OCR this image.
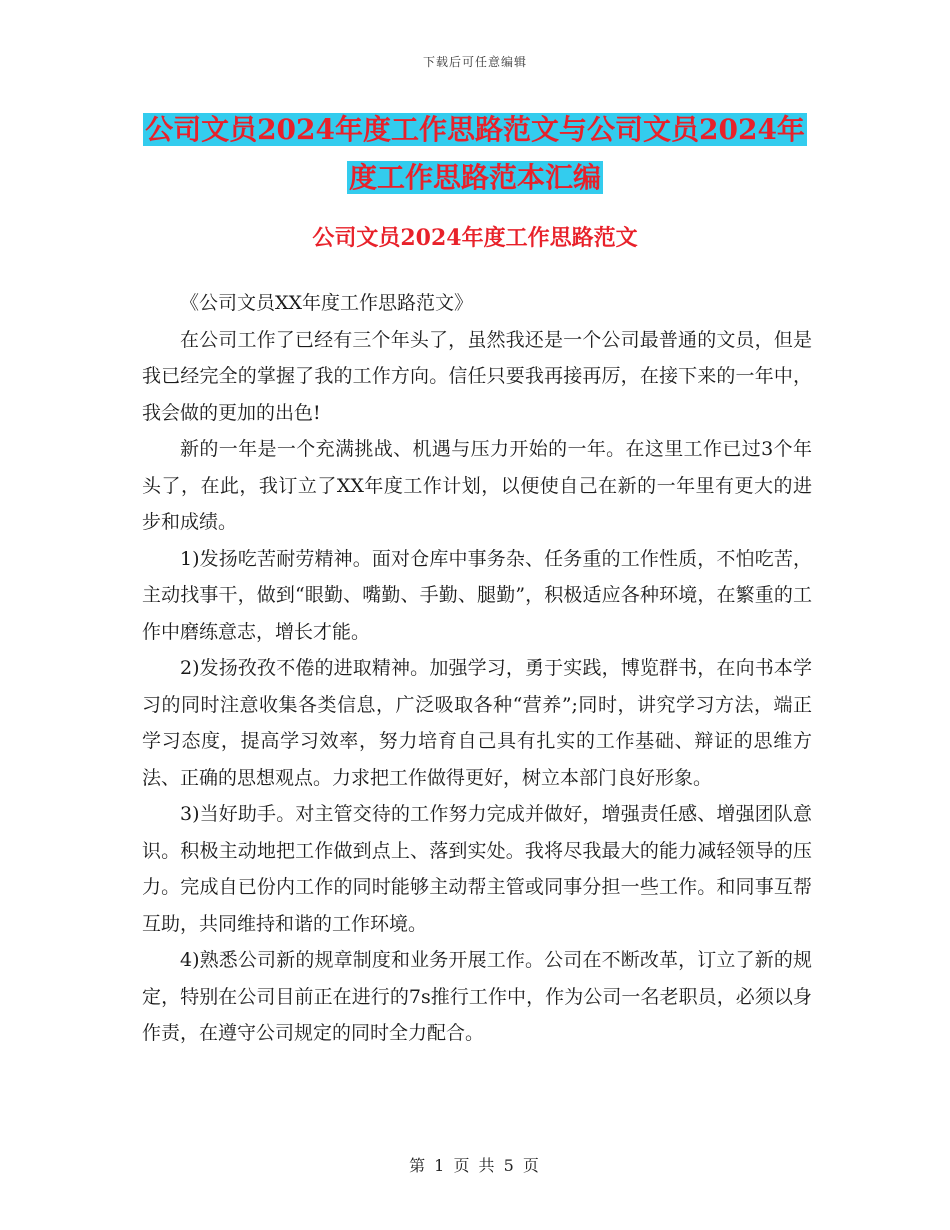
下载后可任意编辑
公司文员2024年度工作思路范文与公司文员2024年
度工作思路范本汇编
公司文员2024年度工作思路范文

《公司文员XX年度工作思路范文》

在公司工作了已经有三个年头了，虽然我还是一个公司最普通的文员，但是我已经完全的掌握了我的工作方向。信任只要我再接再厉，在接下来的一年中，我会做的更加的出色!

新的一年是一个充满挑战、机遇与压力开始的一年。在这里工作已过3个年头了，在此，我订立了XX年度工作计划，以便使自己在新的一年里有更大的进步和成绩。

1)发扬吃苦耐劳精神。面对仓库中事务杂、任务重的工作性质，不怕吃苦，主动找事干，做到“眼勤、嘴勤、手勤、腿勤”，积极适应各种环境，在繁重的工作中磨练意志，增长才能。

2)发扬孜孜不倦的进取精神。加强学习，勇于实践，博览群书，在向书本学习的同时注意收集各类信息，广泛吸取各种“营养”;同时，讲究学习方法，端正学习态度，提高学习效率，努力培育自己具有扎实的工作基础、辩证的思维方法、正确的思想观点。力求把工作做得更好，树立本部门良好形象。

3)当好助手。对主管交待的工作努力完成并做好，增强责任感、增强团队意识。积极主动地把工作做到点上、落到实处。我将尽我最大的能力减轻领导的压力。完成自已份内工作的同时能够主动帮主管或同事分担一些工作。和同事互帮互助，共同维持和谐的工作环境。

4)熟悉公司新的规章制度和业务开展工作。公司在不断改革，订立了新的规定，特别在公司目前正在进行的7s推行工作中，作为公司一名老职员，必须以身作责，在遵守公司规定的同时全力配合。

第 1 页 共 5 页
